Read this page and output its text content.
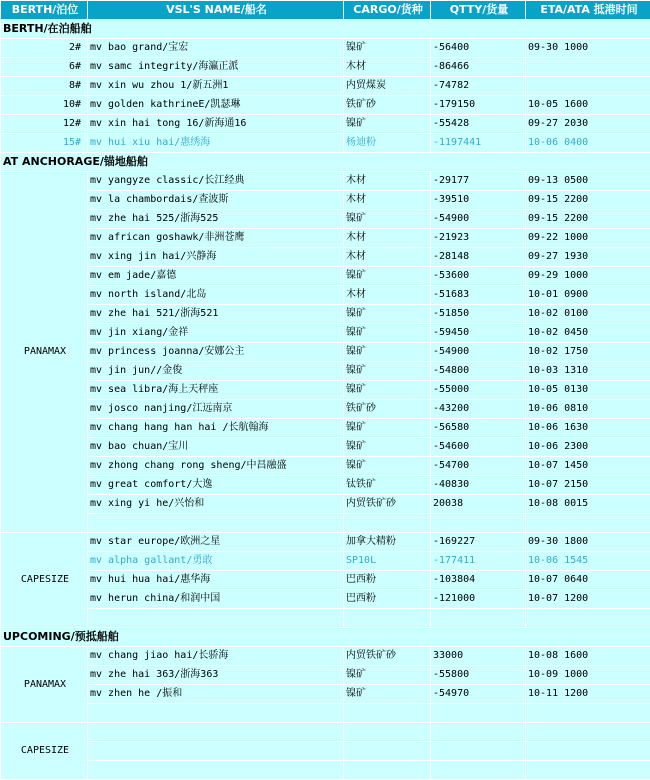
BERTH/泊位	VSL'S NAME/船名	CARGO/货种	QTTY/货量	ETA/ATA 抵港时间
BERTH/在泊船舶				
2#	mv bao grand/宝宏	镍矿	-56400	09-30 1000
6#	mv samc integrity/海瀛正派	木材	-86466	
8#	mv xin wu zhou 1/新五洲1	内贸煤炭	-74782	
10#	mv golden kathrineE/凯瑟琳	铁矿砂	-179150	10-05 1600
12#	mv xin hai tong 16/新海通16	镍矿	-55428	09-27 2030
15#	mv hui xiu hai/惠绣海	杨迪粉	-1197441	10-06 0400
AT ANCHORAGE/锚地船舶				
PANAMAX	mv yangyze classic/长江经典	木材	-29177	09-13 0500
	mv la chambordais/查波斯	木材	-39510	09-15 2200
	mv zhe hai 525/浙海525	镍矿	-54900	09-15 2200
	mv african goshawk/非洲苍鹰	木材	-21923	09-22 1000
	mv xing jin hai/兴静海	木材	-28148	09-27 1930
	mv em jade/嘉德	镍矿	-53600	09-29 1000
	mv north island/北岛	木材	-51683	10-01 0900
	mv zhe hai 521/浙海521	镍矿	-51850	10-02 0100
	mv jin xiang/金祥	镍矿	-59450	10-02 0450
	mv princess joanna/安娜公主	镍矿	-54900	10-02 1750
	mv jin jun//金俊	镍矿	-54800	10-03 1310
	mv sea libra/海上天秤座	镍矿	-55000	10-05 0130
	mv josco nanjing/江远南京	铁矿砂	-43200	10-06 0810
	mv chang hang han hai /长航翰海	镍矿	-56580	10-06 1630
	mv bao chuan/宝川	镍矿	-54600	10-06 2300
	mv zhong chang rong sheng/中昌融盛	镍矿	-54700	10-07 1450
	mv great comfort/大逸	钛铁矿	-40830	10-07 2150
	mv xing yi he/兴怡和	内贸铁矿砂	20038	10-08 0015

CAPESIZE	mv star europe/欧洲之星	加拿大精粉	-169227	09-30 1800
	mv alpha gallant/勇敢	SP10L	-177411	10-06 1545
	mv hui hua hai/惠华海	巴西粉	-103804	10-07 0640
	mv herun china/和润中国	巴西粉	-121000	10-07 1200

UPCOMING/预抵船舶				
PANAMAX	mv chang jiao hai/长骄海	内贸铁矿砂	33000	10-08 1600
	mv zhe hai 363/浙海363	镍矿	-55800	10-09 1000
	mv zhen he /振和	镍矿	-54970	10-11 1200

CAPESIZE				
